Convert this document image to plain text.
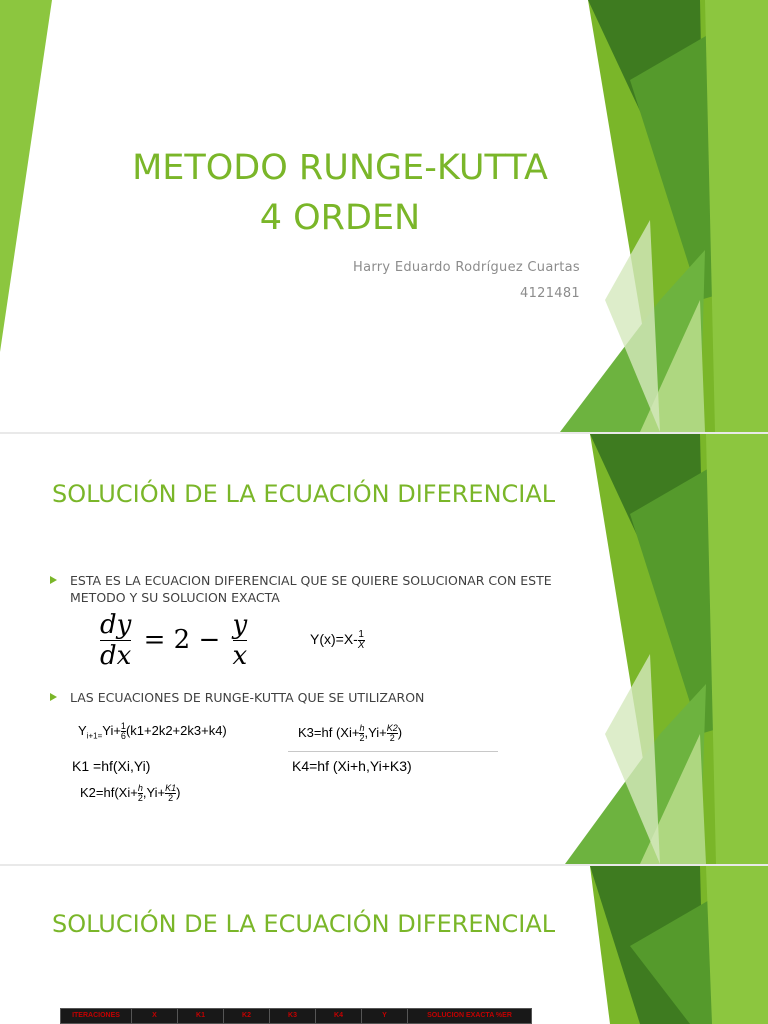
METODO RUNGE-KUTTA
4 ORDEN
Harry Eduardo Rodríguez Cuartas
4121481
SOLUCIÓN DE LA ECUACIÓN DIFERENCIAL
ESTA ES LA ECUACION DIFERENCIAL QUE SE QUIERE SOLUCIONAR CON ESTE METODO Y SU SOLUCION EXACTA
$\frac{dy}{dx} = 2 - \frac{y}{x}$	$Y(x)=X- \frac{1}{X}$
LAS ECUACIONES DE RUNGE-KUTTA QUE SE UTILIZARON
$Y_{i+1=}Yi+ \frac{1}{6} (k1+2k2+2k3+k4)$	K3=hf ($Xi+ \frac{h}{2} ,Yi+ \frac{K2}{2}$ )
K1 =hf(Xi,Yi)	K4=hf (Xi+h,Yi+K3)
$K2=hf(Xi+ \frac{h}{2} ,Yi+ \frac{K1}{2}$ )
SOLUCIÓN DE LA ECUACIÓN DIFERENCIAL
ITERACIONES	X	K1	K2	K3	K4	Y	SOLUCION EXACTA %ER
